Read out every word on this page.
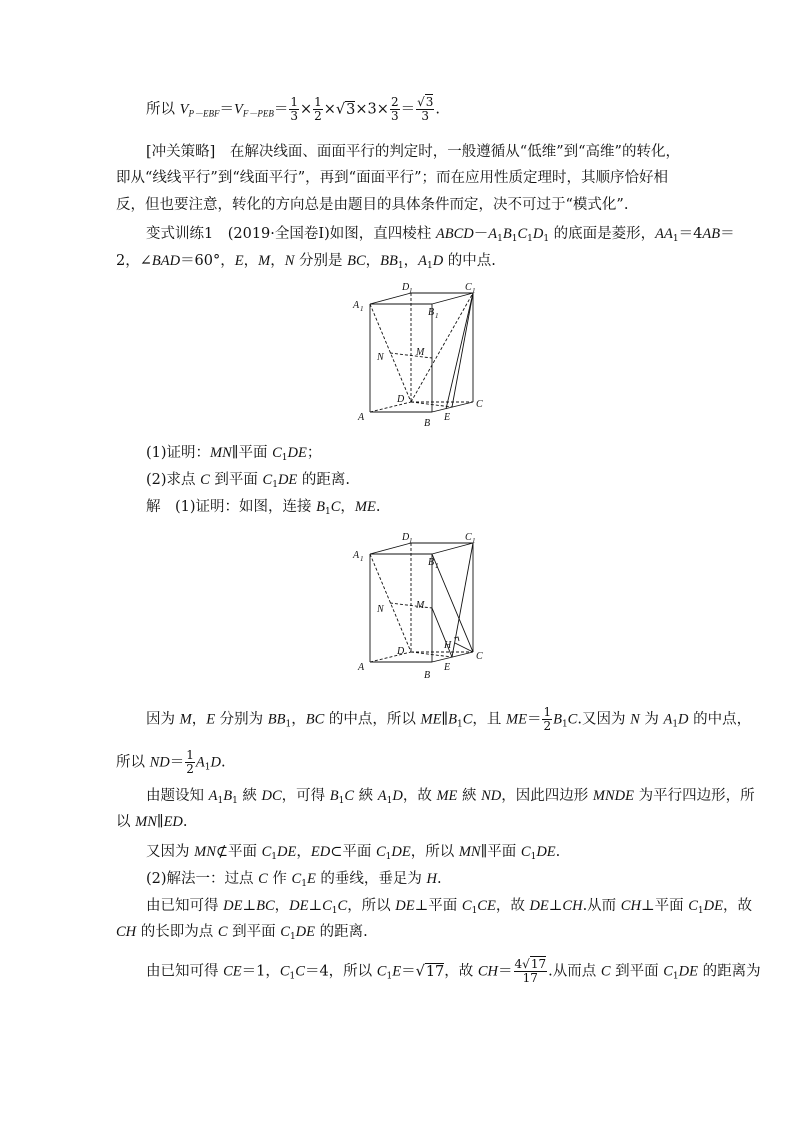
所以 $V_{P-EBF}=V_{F-PEB}= \frac{1}{3} \times \frac{1}{2} \times√3\times 3\times \frac{2}{3} = \frac{√3}{3}$ .
[冲关策略]　在解决线面、面面平行的判定时，一般遵循从“低维”到“高维”的转化，
即从“线线平行”到“线面平行”，再到“面面平行”；而在应用性质定理时，其顺序恰好相
反，但也要注意，转化的方向总是由题目的具体条件而定，决不可过于“模式化”.
变式训练1　(2019·全国卷Ⅰ)如图，直四棱柱 $ABCD-A_1B_1C_1D_1$ 的底面是菱形，$AA_1=4AB=$
2，∠BAD＝60°，E，M，N 分别是 BC，$BB_1$，$A_1D$ 的中点.
A 1
D 1	C 1
B 1
A
B
C
D
E
M
N
(1)证明：MN∥平面 $C_1DE$；
(2)求点 C 到平面 $C_1DE$ 的距离.
解　(1)证明：如图，连接 $B_1C$，ME.
A 1
D 1	C 1
B 1
A
B
C
D
E
M
N
H
因为 M，E 分别为 $BB_1$，BC 的中点，所以 $ME\parallel B_1C$，且 $ME= \frac{1}{2} B_1C$.又因为 N 为 $A_1D$ 的中点，
所以 $ND= \frac{1}{2} A_1D$.
由题设知 $A_1B_1$ 綊 DC，可得 $B_1C$ 綊 $A_1D$，故 ME 綊 ND，因此四边形 MNDE 为平行四边形，所
以 MN∥ED.
又因为 MN⊄平面 $C_1DE$，ED⊂平面 $C_1DE$，所以 MN∥平面 $C_1DE$.
(2)解法一：过点 C 作 $C_1E$ 的垂线，垂足为 H.
由已知可得 DE⊥BC，$DE\perp C_1C$，所以 DE⊥平面 $C_1CE$，故 DE⊥CH.从而 CH⊥平面 $C_1DE$，故
CH 的长即为点 C 到平面 $C_1DE$ 的距离.
由已知可得 CE＝1，$C_1C=4$，所以 $C_1E=√17$，故 $CH= \frac{4√17}{17}$ .从而点 C 到平面 $C_1DE$ 的距离为
